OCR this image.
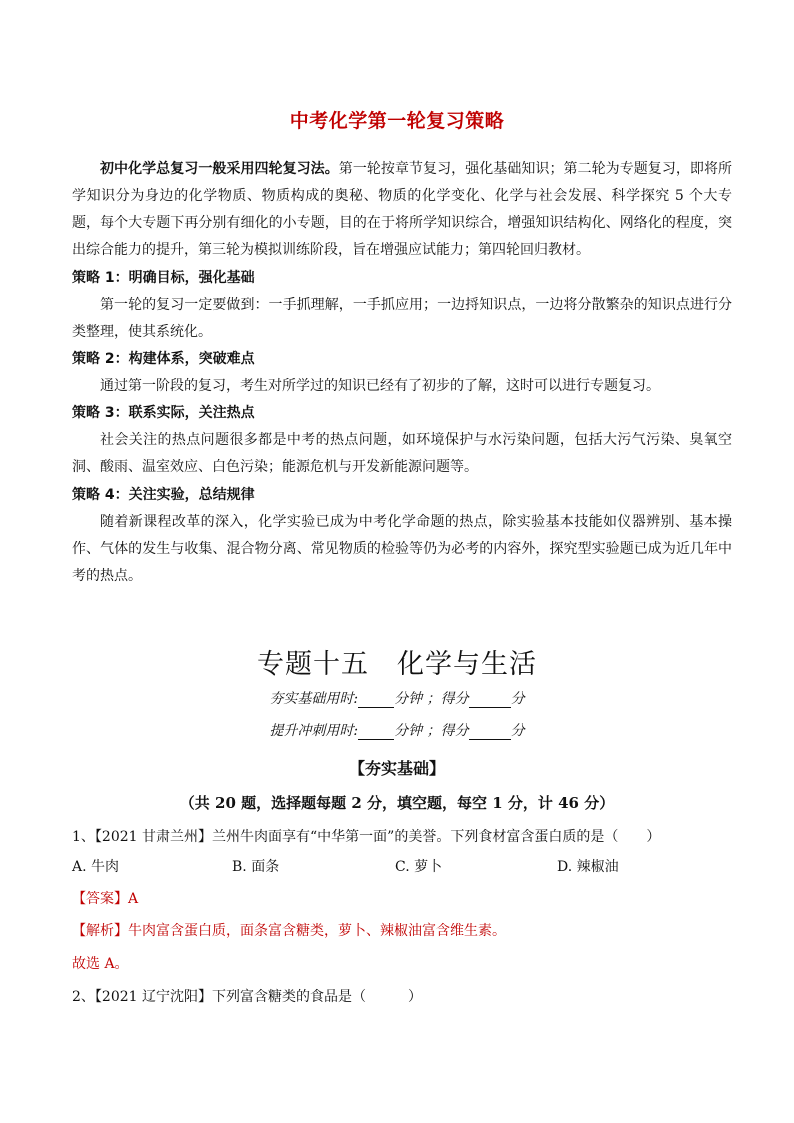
中考化学第一轮复习策略
初中化学总复习一般采用四轮复习法。第一轮按章节复习，强化基础知识；第二轮为专题复习，即将所学知识分为身边的化学物质、物质构成的奥秘、物质的化学变化、化学与社会发展、科学探究 5 个大专题，每个大专题下再分别有细化的小专题，目的在于将所学知识综合，增强知识结构化、网络化的程度，突出综合能力的提升，第三轮为模拟训练阶段，旨在增强应试能力；第四轮回归教材。
策略 1：明确目标，强化基础
第一轮的复习一定要做到：一手抓理解，一手抓应用；一边捋知识点，一边将分散繁杂的知识点进行分类整理，使其系统化。
策略 2：构建体系，突破难点
通过第一阶段的复习，考生对所学过的知识已经有了初步的了解，这时可以进行专题复习。
策略 3：联系实际，关注热点
社会关注的热点问题很多都是中考的热点问题，如环境保护与水污染问题，包括大污气污染、臭氧空洞、酸雨、温室效应、白色污染；能源危机与开发新能源问题等。
策略 4：关注实验，总结规律
随着新课程改革的深入，化学实验已成为中考化学命题的热点，除实验基本技能如仪器辨别、基本操作、气体的发生与收集、混合物分离、常见物质的检验等仍为必考的内容外，探究型实验题已成为近几年中考的热点。
专题十五 化学与生活
夯实基础用时:	分钟 ；得分	分
提升冲刺用时:	分钟 ；得分	分
【夯实基础】
（共 20 题，选择题每题 2 分，填空题，每空 1 分，计 46 分）
1、【2021 甘肃兰州】兰州牛肉面享有“中华第一面”的美誉。下列食材富含蛋白质的是（　　）
A. 牛肉	B. 面条	C. 萝卜	D. 辣椒油
【答案】A
【解析】牛肉富含蛋白质，面条富含糖类，萝卜、辣椒油富含维生素。
故选 A。
2、【2021 辽宁沈阳】下列富含糖类的食品是（　　　）
